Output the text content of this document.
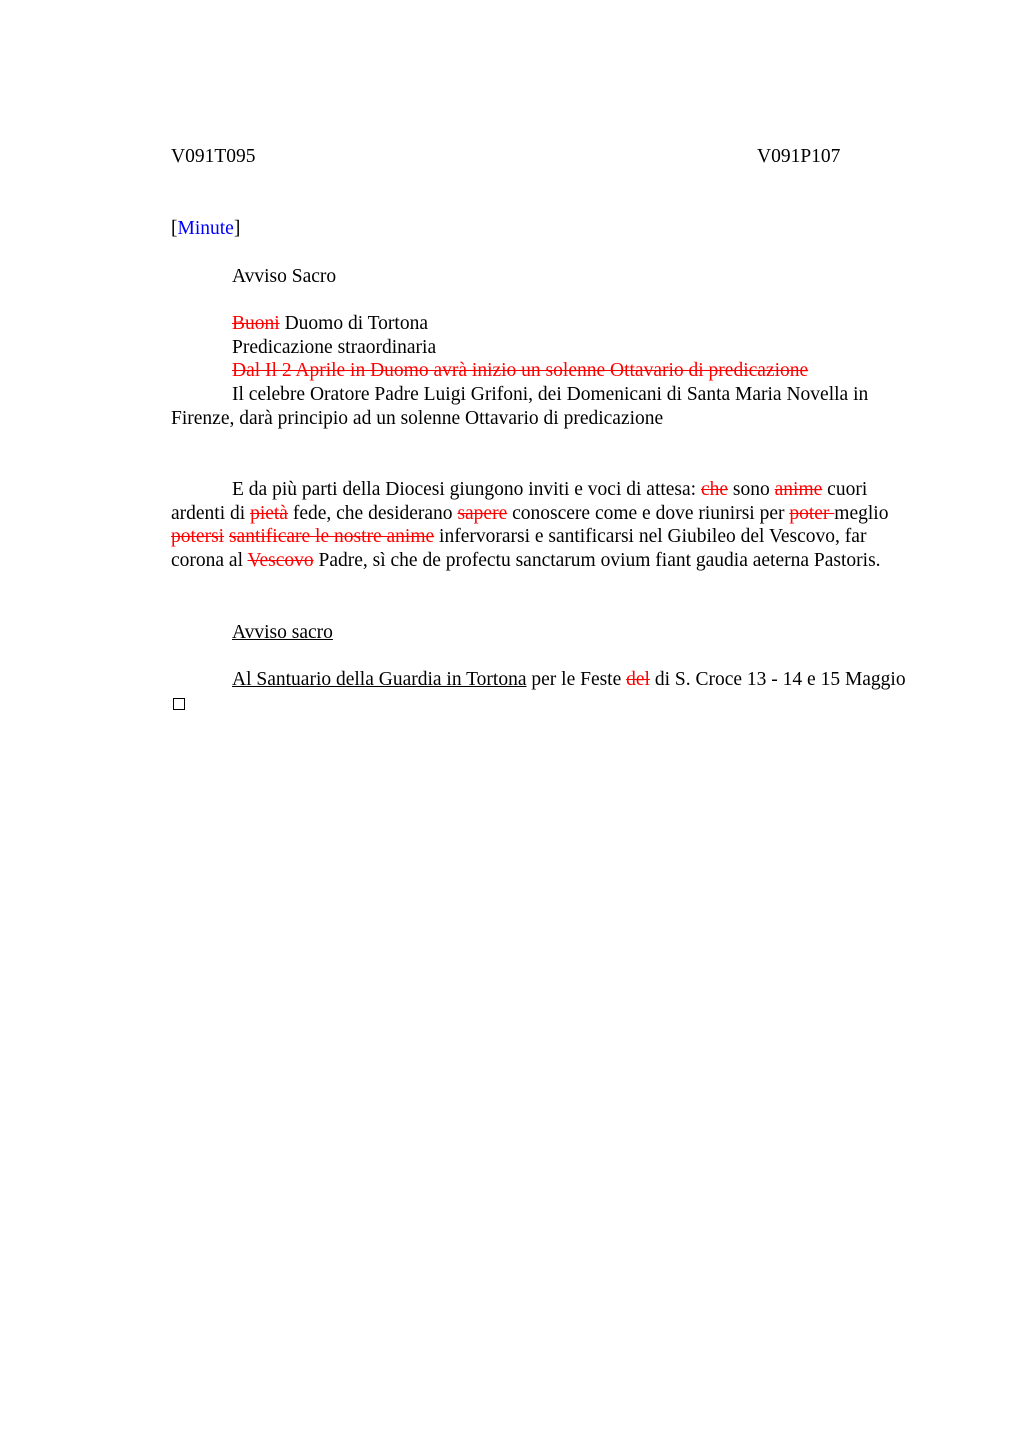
V091T095	V091P107
[Minute]
Avviso Sacro
Buoni Duomo di Tortona
Predicazione straordinaria
Dal Il 2 Aprile in Duomo avrà inizio un solenne Ottavario di predicazione

Il celebre Oratore Padre Luigi Grifoni, dei Domenicani di Santa Maria Novella in Firenze, darà principio ad un solenne Ottavario di predicazione

E da più parti della Diocesi giungono inviti e voci di attesa: che sono anime cuori ardenti di pietà fede, che desiderano sapere conoscere come e dove riunirsi per poter meglio potersi santificare le nostre anime infervorarsi e santificarsi nel Giubileo del Vescovo, far corona al Vescovo Padre, sì che de profectu sanctarum ovium fiant gaudia aeterna Pastoris.

Avviso sacro

Al Santuario della Guardia in Tortona per le Feste del di S. Croce 13 - 14 e 15 Maggio
